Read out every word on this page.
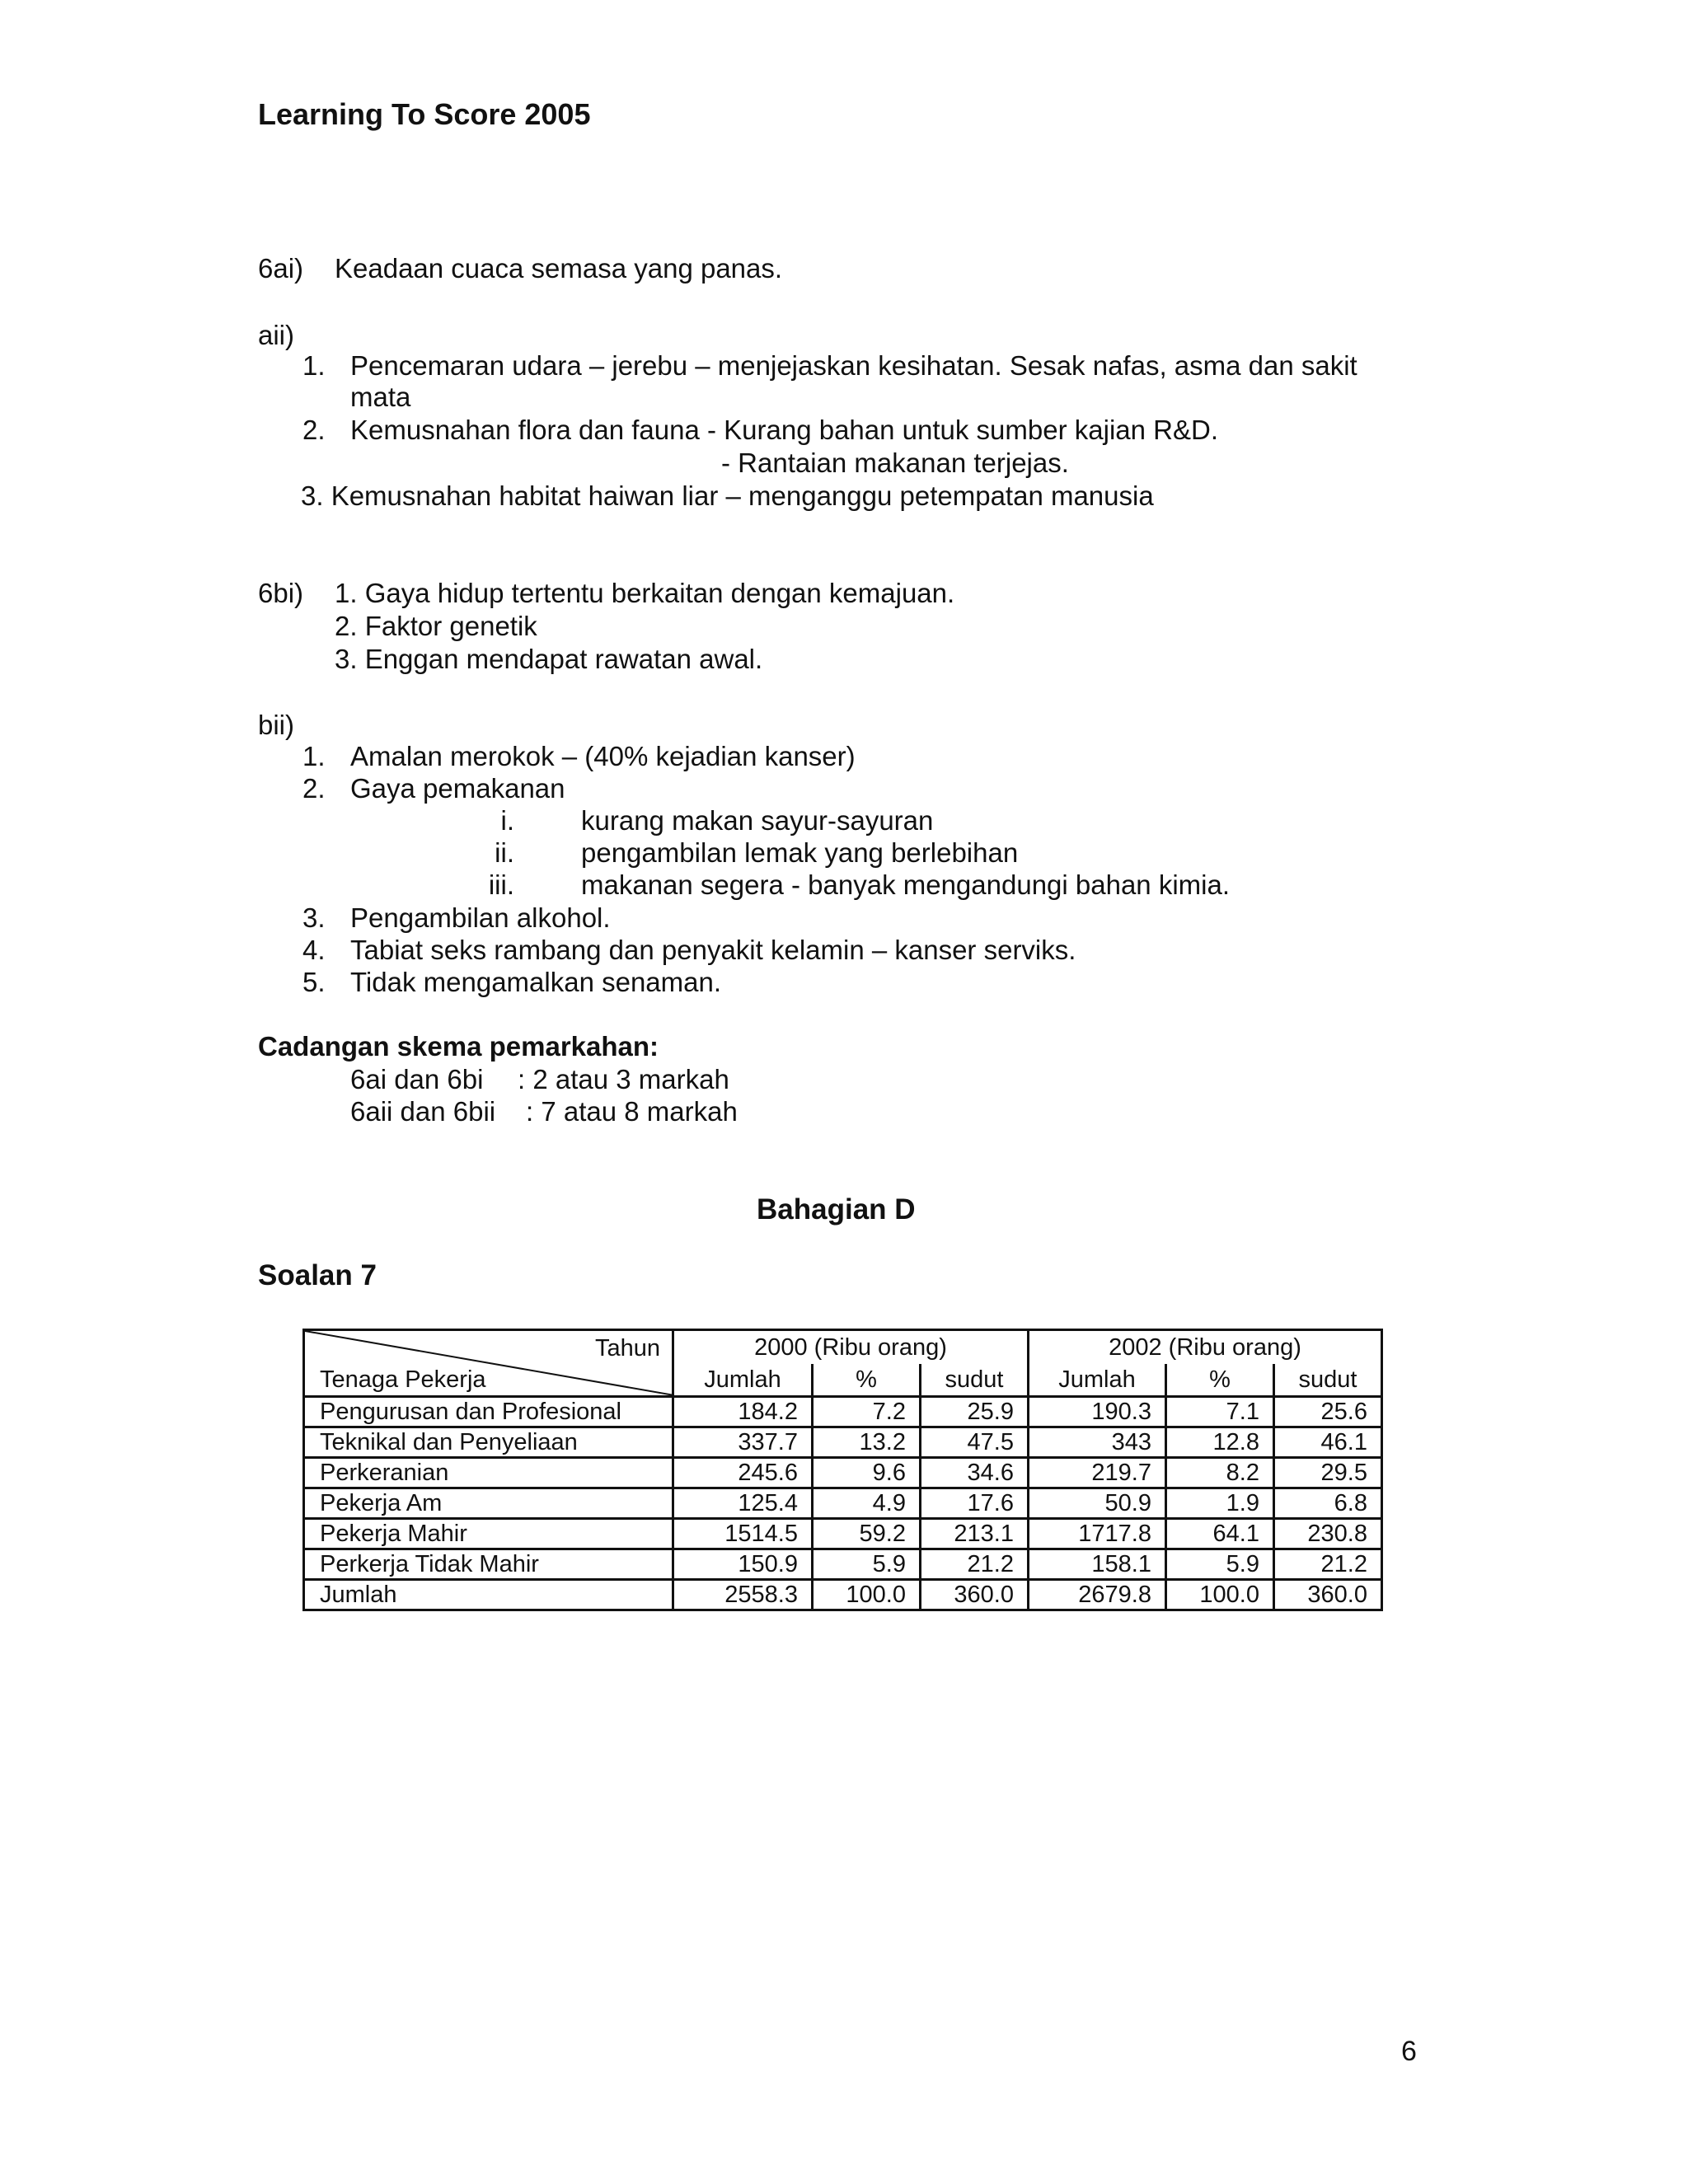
Learning To Score 2005
6ai) Keadaan cuaca semasa yang panas.
aii)
1. Pencemaran udara – jerebu – menjejaskan kesihatan. Sesak nafas, asma dan sakit
mata
2. Kemusnahan flora dan fauna - Kurang bahan untuk sumber kajian R&D.
- Rantaian makanan terjejas.
3. Kemusnahan habitat haiwan liar – menganggu petempatan manusia
6bi) 1. Gaya hidup tertentu berkaitan dengan kemajuan.
2. Faktor genetik
3. Enggan mendapat rawatan awal.
bii)
1. Amalan merokok – (40% kejadian kanser)
2. Gaya pemakanan
i. kurang makan sayur-sayuran
ii. pengambilan lemak yang berlebihan
iii. makanan segera - banyak mengandungi bahan kimia.
3. Pengambilan alkohol.
4. Tabiat seks rambang dan penyakit kelamin – kanser serviks.
5. Tidak mengamalkan senaman.
Cadangan skema pemarkahan:
6ai dan 6bi : 2 atau 3 markah
6aii dan 6bii : 7 atau 8 markah
Bahagian D
Soalan 7
Tahun
Tenaga Pekerja	2000 (Ribu orang)			2002 (Ribu orang)		
	Jumlah	%	sudut	Jumlah	%	sudut
Pengurusan dan Profesional	184.2	7.2	25.9	190.3	7.1	25.6
Teknikal dan Penyeliaan	337.7	13.2	47.5	343	12.8	46.1
Perkeranian	245.6	9.6	34.6	219.7	8.2	29.5
Pekerja Am	125.4	4.9	17.6	50.9	1.9	6.8
Pekerja Mahir	1514.5	59.2	213.1	1717.8	64.1	230.8
Perkerja Tidak Mahir	150.9	5.9	21.2	158.1	5.9	21.2
Jumlah	2558.3	100.0	360.0	2679.8	100.0	360.0
6
